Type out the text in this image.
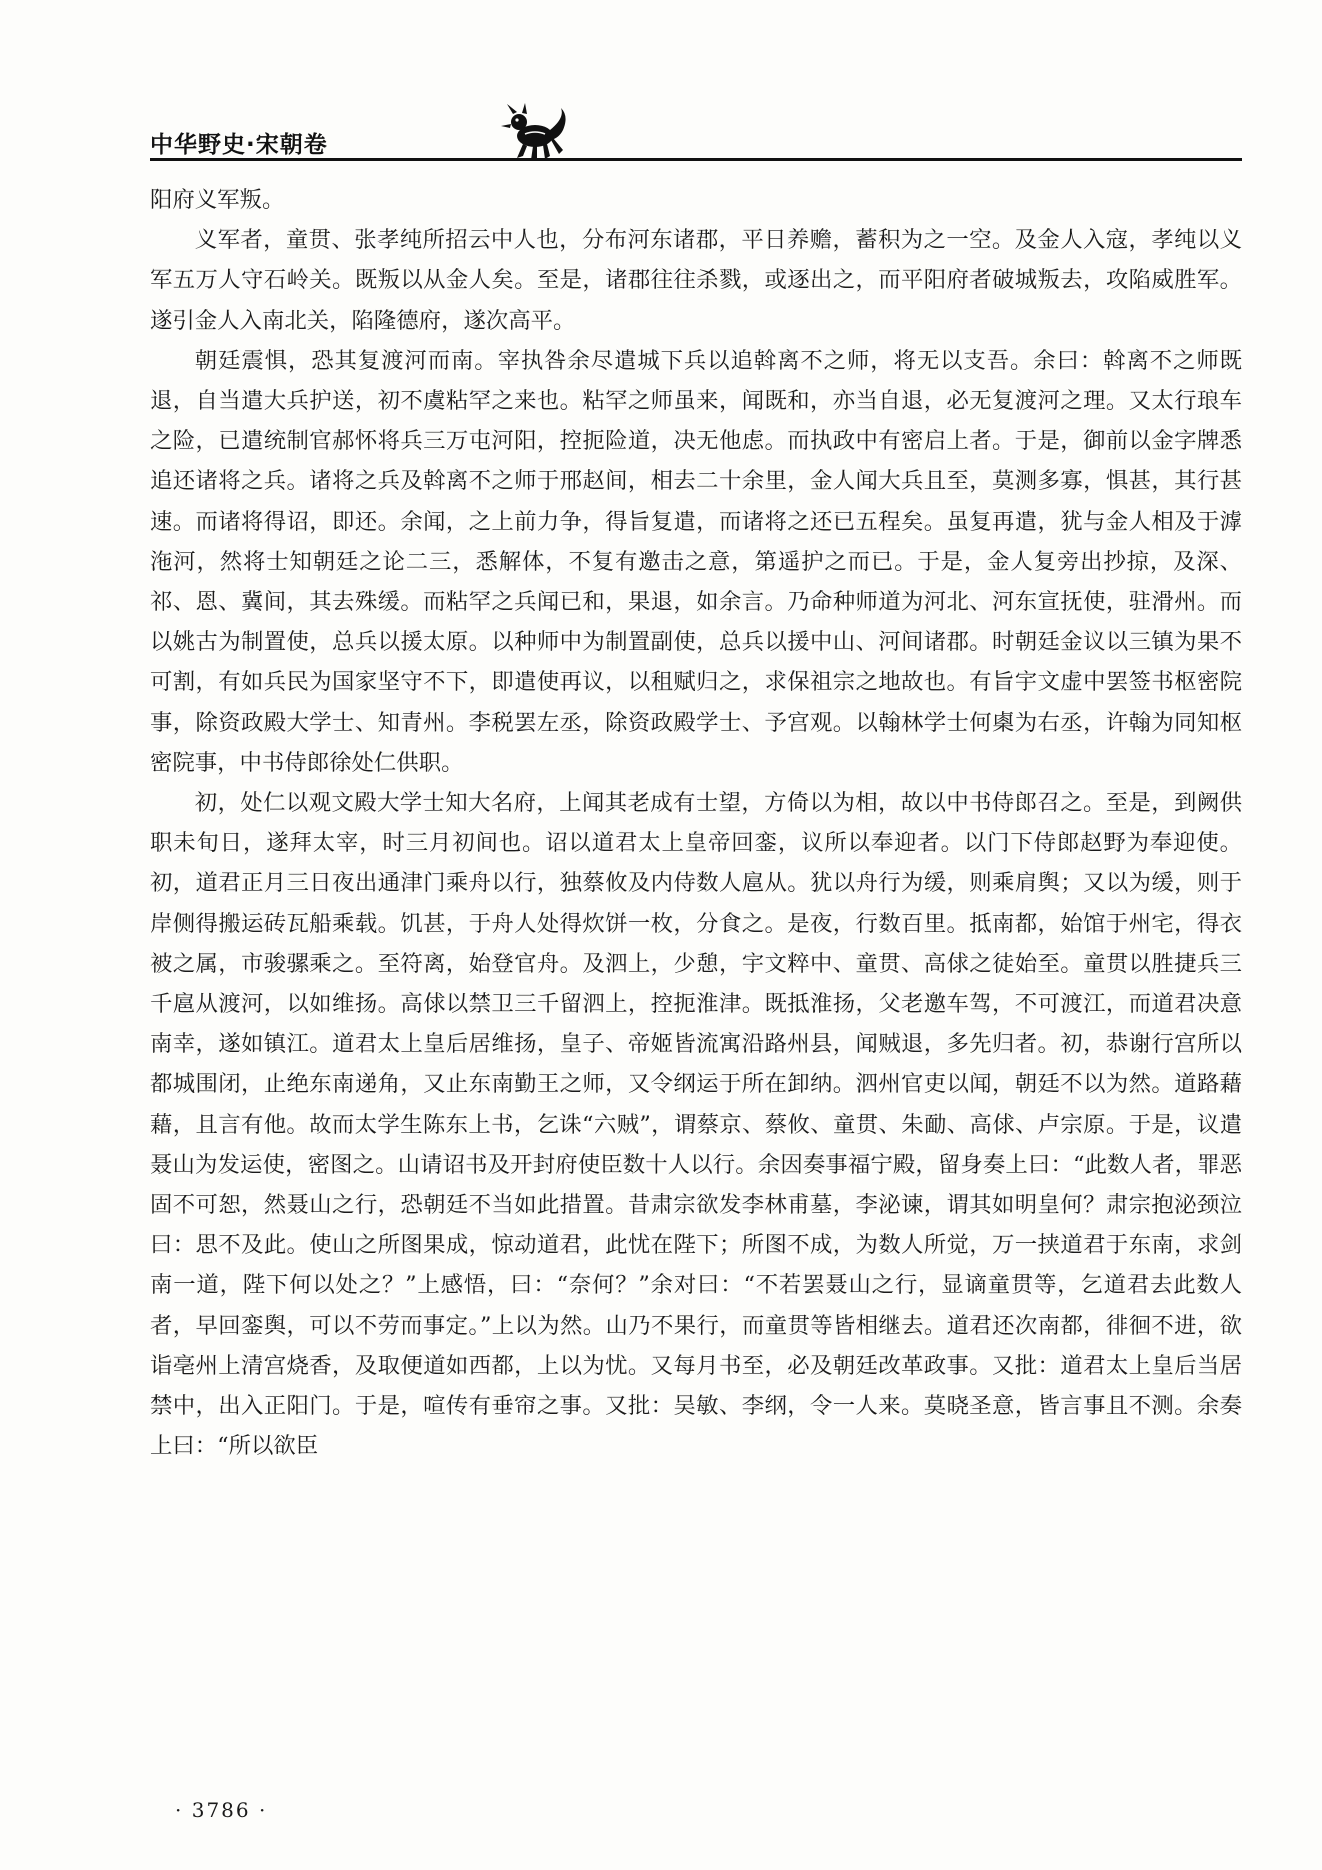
中华野史·宋朝卷

阳府义军叛。

义军者，童贯、张孝纯所招云中人也，分布河东诸郡，平日养赡，蓄积为之一空。及金人入寇，孝纯以义军五万人守石岭关。既叛以从金人矣。至是，诸郡往往杀戮，或逐出之，而平阳府者破城叛去，攻陷威胜军。遂引金人入南北关，陷隆德府，遂次高平。

朝廷震惧，恐其复渡河而南。宰执咎余尽遣城下兵以追斡离不之师，将无以支吾。余曰：斡离不之师既退，自当遣大兵护送，初不虞粘罕之来也。粘罕之师虽来，闻既和，亦当自退，必无复渡河之理。又太行琅车之险，已遣统制官郝怀将兵三万屯河阳，控扼险道，决无他虑。而执政中有密启上者。于是，御前以金字牌悉追还诸将之兵。诸将之兵及斡离不之师于邢赵间，相去二十余里，金人闻大兵且至，莫测多寡，惧甚，其行甚速。而诸将得诏，即还。余闻，之上前力争，得旨复遣，而诸将之还已五程矣。虽复再遣，犹与金人相及于滹沲河，然将士知朝廷之论二三，悉解体，不复有邀击之意，第遥护之而已。于是，金人复旁出抄掠，及深、祁、恩、冀间，其去殊缓。而粘罕之兵闻已和，果退，如余言。乃命种师道为河北、河东宣抚使，驻滑州。而以姚古为制置使，总兵以援太原。以种师中为制置副使，总兵以援中山、河间诸郡。时朝廷金议以三镇为果不可割，有如兵民为国家坚守不下，即遣使再议，以租赋归之，求保祖宗之地故也。有旨宇文虚中罢签书枢密院事，除资政殿大学士、知青州。李税罢左丞，除资政殿学士、予宫观。以翰林学士何㮚为右丞，许翰为同知枢密院事，中书侍郎徐处仁供职。

初，处仁以观文殿大学士知大名府，上闻其老成有士望，方倚以为相，故以中书侍郎召之。至是，到阙供职未旬日，遂拜太宰，时三月初间也。诏以道君太上皇帝回銮，议所以奉迎者。以门下侍郎赵野为奉迎使。初，道君正月三日夜出通津门乘舟以行，独蔡攸及内侍数人扈从。犹以舟行为缓，则乘肩舆；又以为缓，则于岸侧得搬运砖瓦船乘载。饥甚，于舟人处得炊饼一枚，分食之。是夜，行数百里。抵南都，始馆于州宅，得衣被之属，市骏骡乘之。至符离，始登官舟。及泗上，少憩，宇文粹中、童贯、高俅之徒始至。童贯以胜捷兵三千扈从渡河，以如维扬。高俅以禁卫三千留泗上，控扼淮津。既抵淮扬，父老邀车驾，不可渡江，而道君决意南幸，遂如镇江。道君太上皇后居维扬，皇子、帝姬皆流寓沿路州县，闻贼退，多先归者。初，恭谢行宫所以都城围闭，止绝东南递角，又止东南勤王之师，又令纲运于所在卸纳。泗州官吏以闻，朝廷不以为然。道路藉藉，且言有他。故而太学生陈东上书，乞诛“六贼”，谓蔡京、蔡攸、童贯、朱勔、高俅、卢宗原。于是，议遣聂山为发运使，密图之。山请诏书及开封府使臣数十人以行。余因奏事福宁殿，留身奏上曰：“此数人者，罪恶固不可恕，然聂山之行，恐朝廷不当如此措置。昔肃宗欲发李林甫墓，李泌谏，谓其如明皇何？肃宗抱泌颈泣曰：思不及此。使山之所图果成，惊动道君，此忧在陛下；所图不成，为数人所觉，万一挟道君于东南，求剑南一道，陛下何以处之？”上感悟，曰：“奈何？”余对曰：“不若罢聂山之行，显谪童贯等，乞道君去此数人者，早回銮舆，可以不劳而事定。”上以为然。山乃不果行，而童贯等皆相继去。道君还次南都，徘徊不进，欲诣亳州上清宫烧香，及取便道如西都，上以为忧。又每月书至，必及朝廷改革政事。又批：道君太上皇后当居禁中，出入正阳门。于是，喧传有垂帘之事。又批：吴敏、李纲，令一人来。莫晓圣意，皆言事且不测。余奏上曰：“所以欲臣

· 3786 ·
